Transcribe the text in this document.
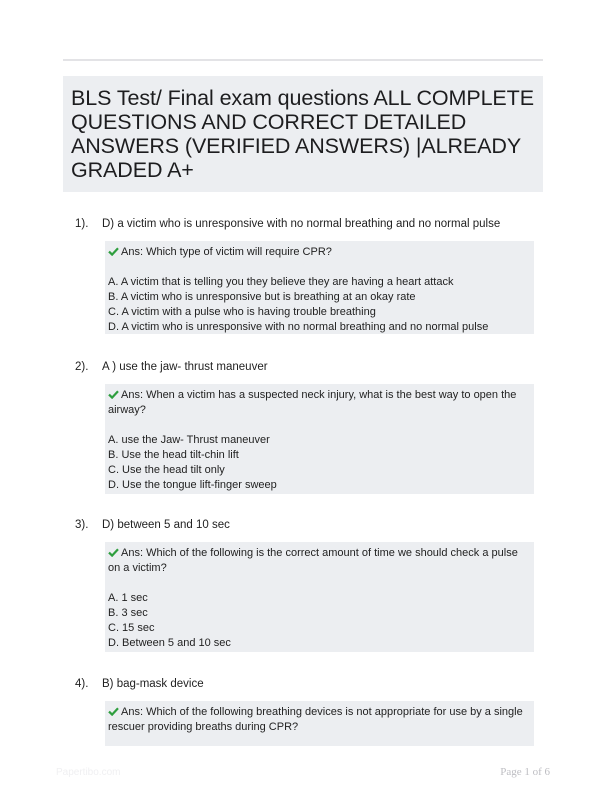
BLS Test/ Final exam questions ALL COMPLETE QUESTIONS AND CORRECT DETAILED ANSWERS (VERIFIED ANSWERS) |ALREADY GRADED A+
1).	D) a victim who is unresponsive with no normal breathing and no normal pulse
Ans: Which type of victim will require CPR?
A. A victim that is telling you they believe they are having a heart attack
B. A victim who is unresponsive but is breathing at an okay rate
C. A victim with a pulse who is having trouble breathing
D. A victim who is unresponsive with no normal breathing and no normal pulse
2).	A ) use the jaw- thrust maneuver
Ans: When a victim has a suspected neck injury, what is the best way to open the airway?
A. use the Jaw- Thrust maneuver
B. Use the head tilt-chin lift
C. Use the head tilt only
D. Use the tongue lift-finger sweep
3).	D) between 5 and 10 sec
Ans: Which of the following is the correct amount of time we should check a pulse on a victim?
A. 1 sec
B. 3 sec
C. 15 sec
D. Between 5 and 10 sec
4).	B) bag-mask device
Ans: Which of the following breathing devices is not appropriate for use by a single rescuer providing breaths during CPR?
Papertibo.com	Page 1 of 6
